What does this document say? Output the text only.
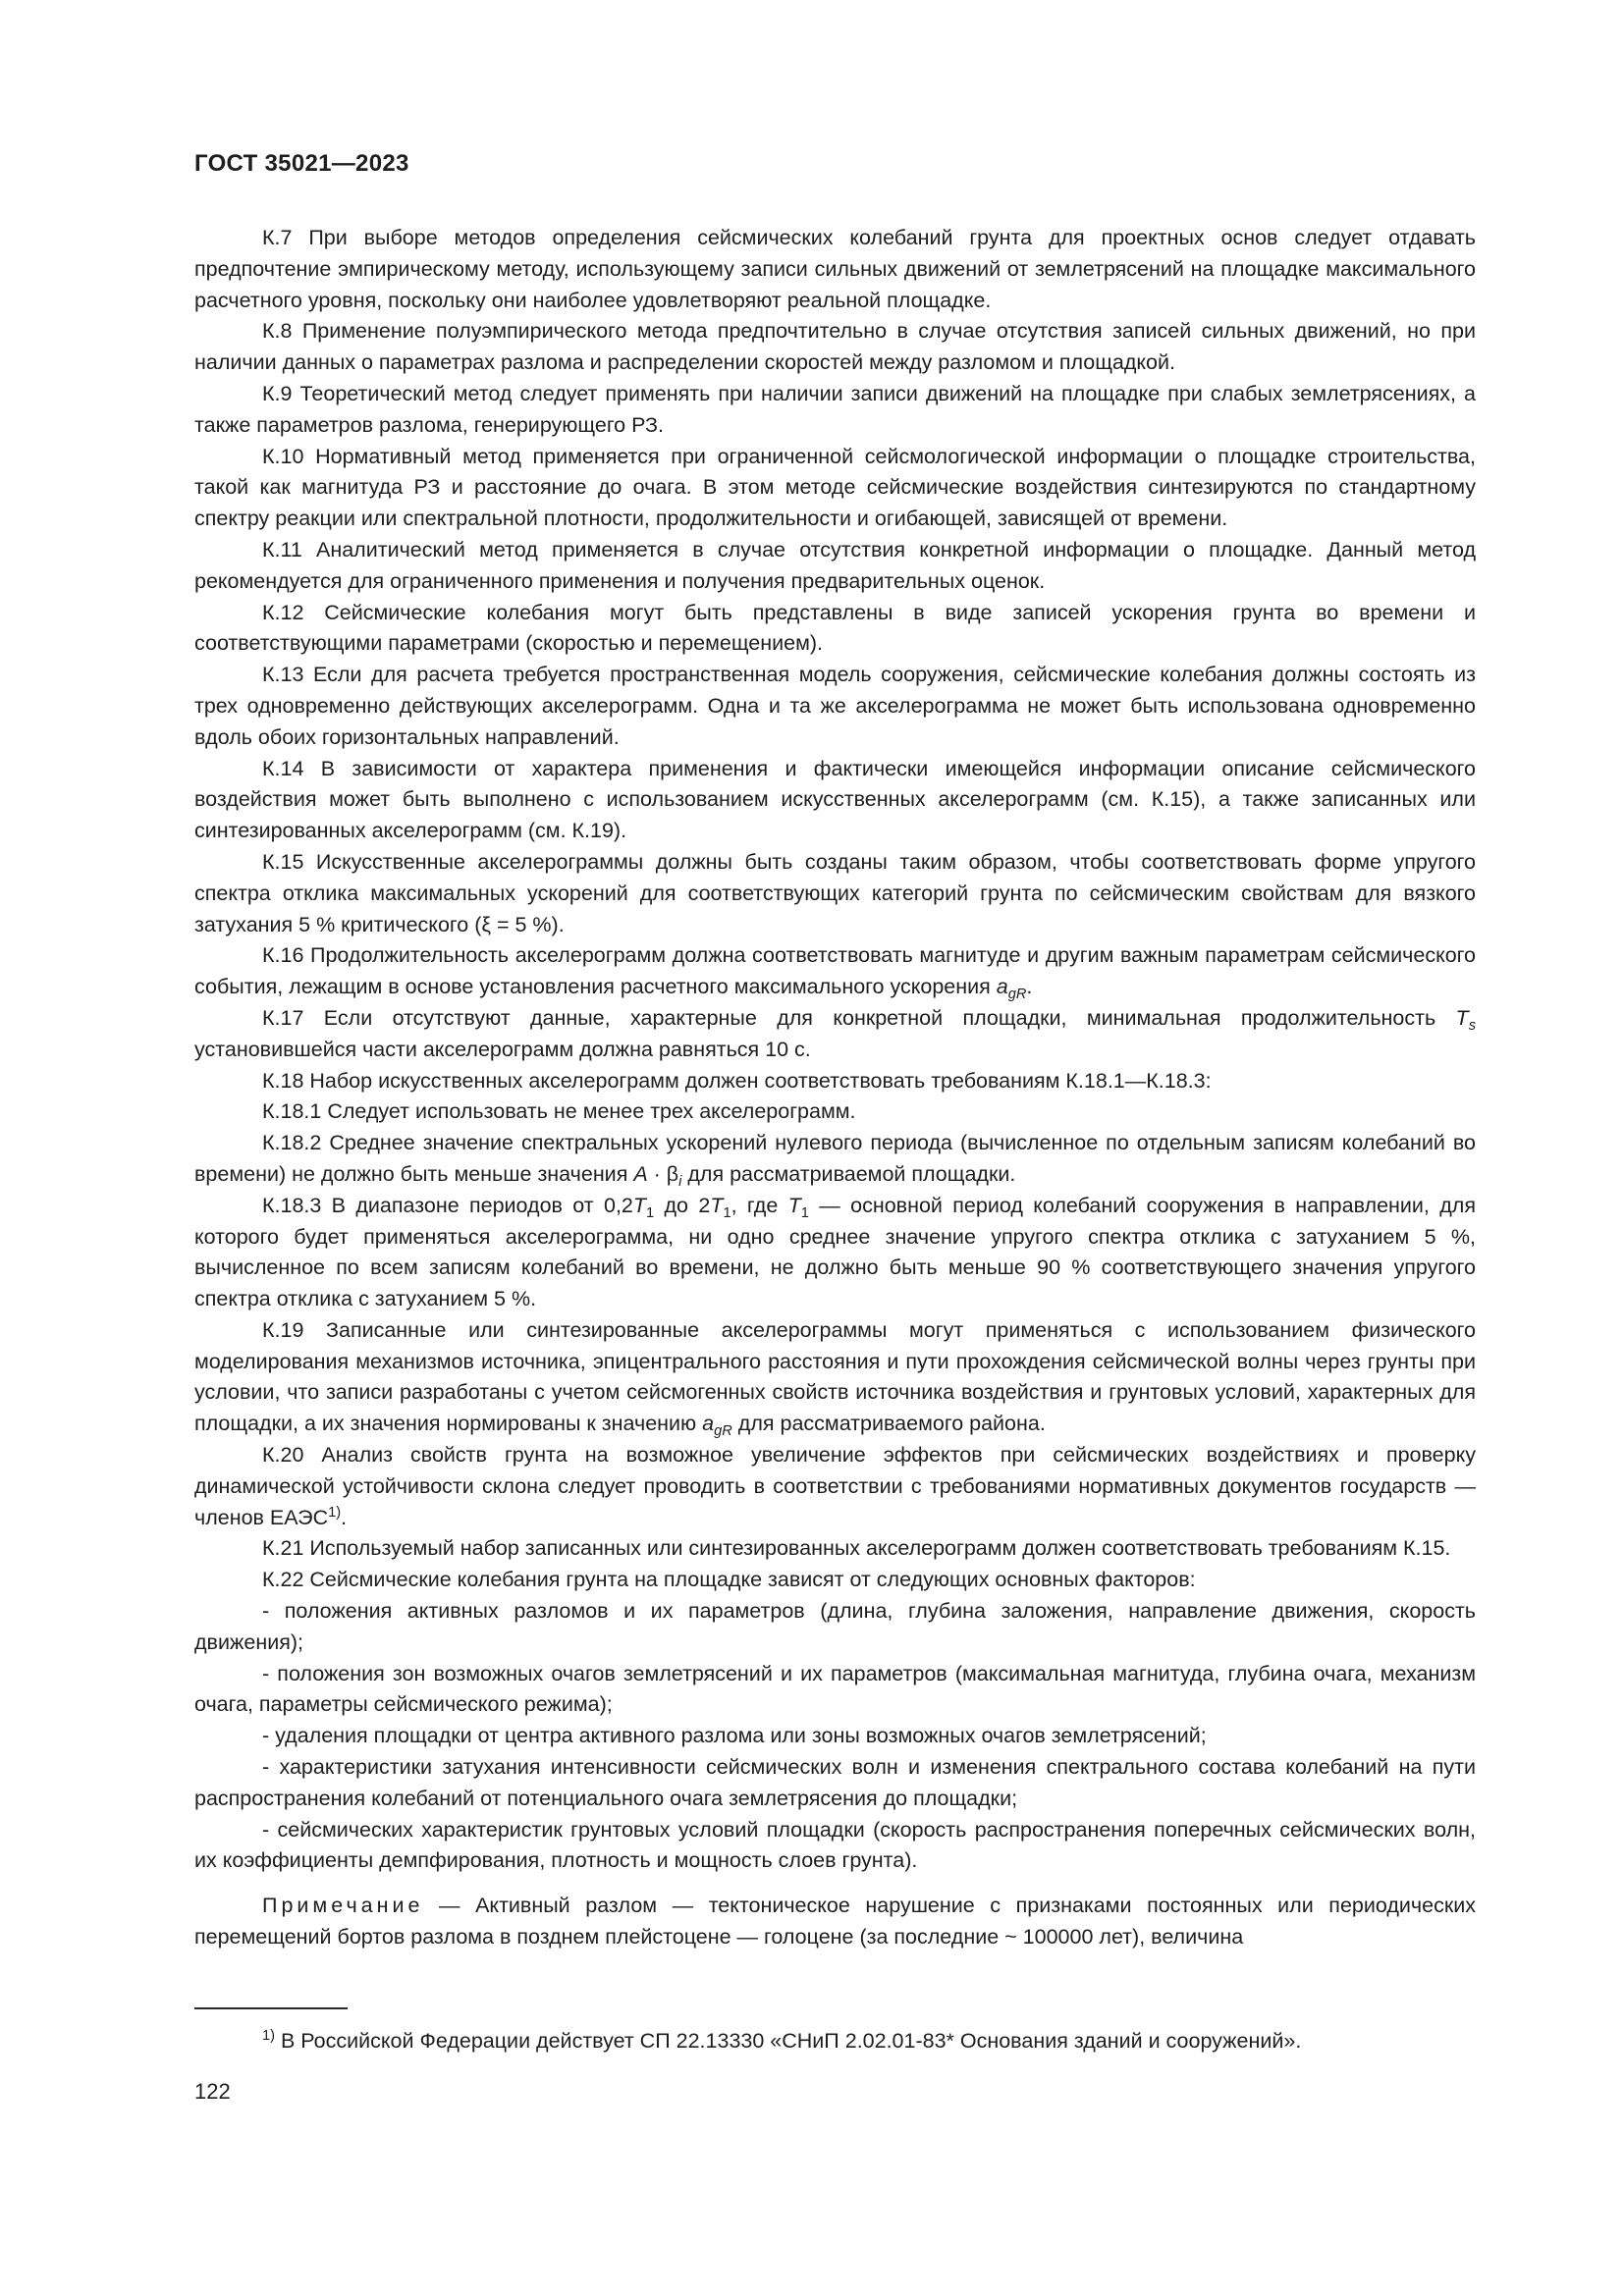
ГОСТ 35021—2023

К.7 При выборе методов определения сейсмических колебаний грунта для проектных основ следует отдавать предпочтение эмпирическому методу, использующему записи сильных движений от землетрясений на площадке максимального расчетного уровня, поскольку они наиболее удовлетворяют реальной площадке.

К.8 Применение полуэмпирического метода предпочтительно в случае отсутствия записей сильных движений, но при наличии данных о параметрах разлома и распределении скоростей между разломом и площадкой.

К.9 Теоретический метод следует применять при наличии записи движений на площадке при слабых землетрясениях, а также параметров разлома, генерирующего РЗ.

К.10 Нормативный метод применяется при ограниченной сейсмологической информации о площадке строительства, такой как магнитуда РЗ и расстояние до очага. В этом методе сейсмические воздействия синтезируются по стандартному спектру реакции или спектральной плотности, продолжительности и огибающей, зависящей от времени.

К.11 Аналитический метод применяется в случае отсутствия конкретной информации о площадке. Данный метод рекомендуется для ограниченного применения и получения предварительных оценок.

К.12 Сейсмические колебания могут быть представлены в виде записей ускорения грунта во времени и соответствующими параметрами (скоростью и перемещением).

К.13 Если для расчета требуется пространственная модель сооружения, сейсмические колебания должны состоять из трех одновременно действующих акселерограмм. Одна и та же акселерограмма не может быть использована одновременно вдоль обоих горизонтальных направлений.

К.14 В зависимости от характера применения и фактически имеющейся информации описание сейсмического воздействия может быть выполнено с использованием искусственных акселерограмм (см. К.15), а также записанных или синтезированных акселерограмм (см. К.19).

К.15 Искусственные акселерограммы должны быть созданы таким образом, чтобы соответствовать форме упругого спектра отклика максимальных ускорений для соответствующих категорий грунта по сейсмическим свойствам для вязкого затухания 5 % критического (ξ = 5 %).

К.16 Продолжительность акселерограмм должна соответствовать магнитуде и другим важным параметрам сейсмического события, лежащим в основе установления расчетного максимального ускорения $a_{gR}$.

К.17 Если отсутствуют данные, характерные для конкретной площадки, минимальная продолжительность $T_s$ установившейся части акселерограмм должна равняться 10 с.

К.18 Набор искусственных акселерограмм должен соответствовать требованиям К.18.1—К.18.3:

К.18.1 Следует использовать не менее трех акселерограмм.

К.18.2 Среднее значение спектральных ускорений нулевого периода (вычисленное по отдельным записям колебаний во времени) не должно быть меньше значения $A \cdot \beta_i$ для рассматриваемой площадки.

К.18.3 В диапазоне периодов от $0,2T_1$ до $2T_1$, где $T_1$ — основной период колебаний сооружения в направлении, для которого будет применяться акселерограмма, ни одно среднее значение упругого спектра отклика с затуханием 5 %, вычисленное по всем записям колебаний во времени, не должно быть меньше 90 % соответствующего значения упругого спектра отклика с затуханием 5 %.

К.19 Записанные или синтезированные акселерограммы могут применяться с использованием физического моделирования механизмов источника, эпицентрального расстояния и пути прохождения сейсмической волны через грунты при условии, что записи разработаны с учетом сейсмогенных свойств источника воздействия и грунтовых условий, характерных для площадки, а их значения нормированы к значению $a_{gR}$ для рассматриваемого района.

К.20 Анализ свойств грунта на возможное увеличение эффектов при сейсмических воздействиях и проверку динамической устойчивости склона следует проводить в соответствии с требованиями нормативных документов государств — членов ЕАЭС$^{1)}$.

К.21 Используемый набор записанных или синтезированных акселерограмм должен соответствовать требованиям К.15.

К.22 Сейсмические колебания грунта на площадке зависят от следующих основных факторов:

- положения активных разломов и их параметров (длина, глубина заложения, направление движения, скорость движения);

- положения зон возможных очагов землетрясений и их параметров (максимальная магнитуда, глубина очага, механизм очага, параметры сейсмического режима);

- удаления площадки от центра активного разлома или зоны возможных очагов землетрясений;

- характеристики затухания интенсивности сейсмических волн и изменения спектрального состава колебаний на пути распространения колебаний от потенциального очага землетрясения до площадки;

- сейсмических характеристик грунтовых условий площадки (скорость распространения поперечных сейсмических волн, их коэффициенты демпфирования, плотность и мощность слоев грунта).

Примечание — Активный разлом — тектоническое нарушение с признаками постоянных или периодических перемещений бортов разлома в позднем плейстоцене — голоцене (за последние ~ 100000 лет), величина

$^{1)}$ В Российской Федерации действует СП 22.13330 «СНиП 2.02.01-83* Основания зданий и сооружений».
122
